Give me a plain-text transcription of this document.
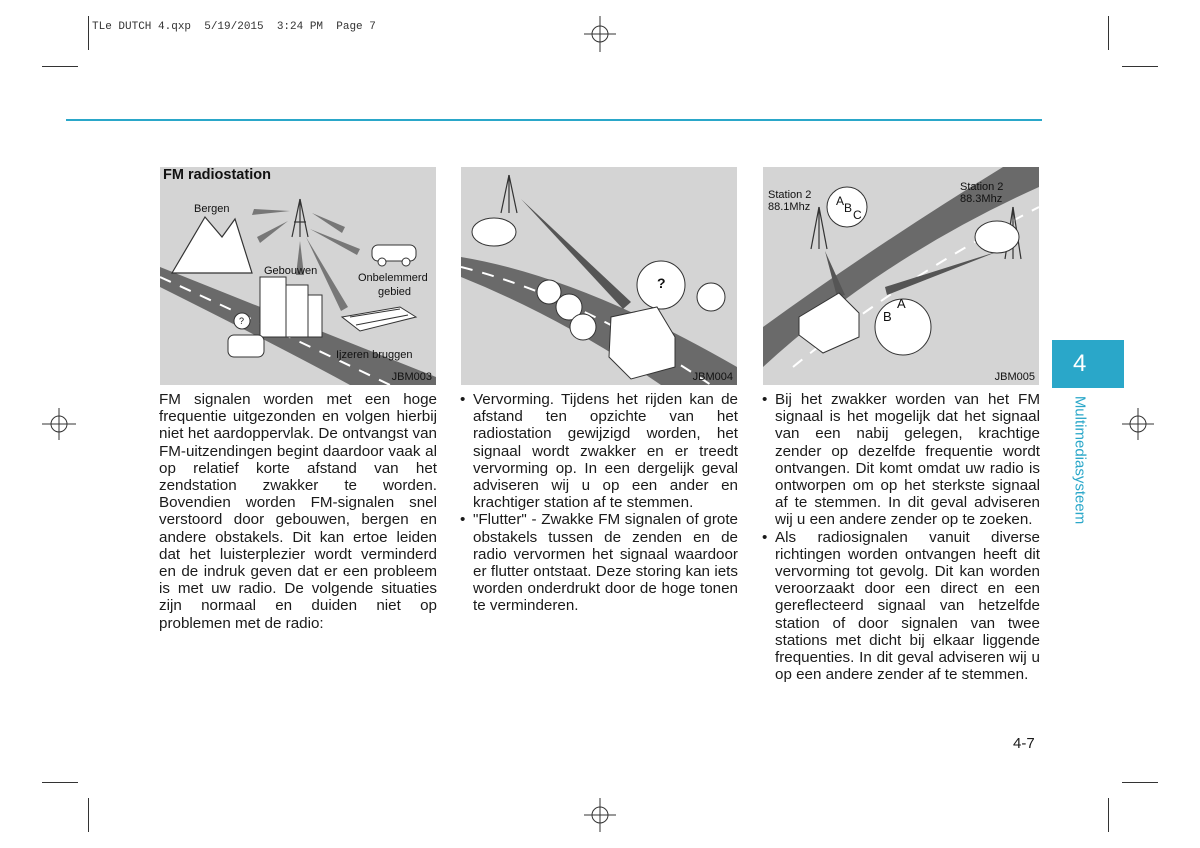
TLe DUTCH 4.qxp  5/19/2015  3:24 PM  Page 7
FM radiostation
Bergen
Gebouwen
Onbelemmerd
gebied
Ijzeren bruggen
?
JBM003
?
JBM004
Station 2
88.1Mhz
Station 2
88.3Mhz
A B C
A
B
JBM005

FM signalen worden met een hoge frequentie uitgezonden en volgen hierbij niet het aardoppervlak. De ontvangst van FM-uitzendingen begint daardoor vaak al op relatief korte afstand van het zendstation zwakker te worden. Bovendien worden FM-signalen snel verstoord door gebouwen, bergen en andere obstakels. Dit kan ertoe leiden dat het luisterplezier wordt verminderd en de indruk geven dat er een probleem is met uw radio. De volgende situaties zijn normaal en duiden niet op problemen met de radio:

• Vervorming. Tijdens het rijden kan de afstand ten opzichte van het radiostation gewijzigd worden, het signaal wordt zwakker en er treedt vervorming op. In een dergelijk geval adviseren wij u op een ander en krachtiger station af te stemmen.

• "Flutter" - Zwakke FM signalen of grote obstakels tussen de zenden en de radio vervormen het signaal waardoor er flutter ontstaat. Deze storing kan iets worden onderdrukt door de hoge tonen te verminderen.

• Bij het zwakker worden van het FM signaal is het mogelijk dat het signaal van een nabij gelegen, krachtige zender op dezelfde frequentie wordt ontvangen. Dit komt omdat uw radio is ontworpen om op het sterkste signaal af te stemmen. In dit geval adviseren wij u een andere zender op te zoeken.

• Als radiosignalen vanuit diverse richtingen worden ontvangen heeft dit vervorming tot gevolg. Dit kan worden veroorzaakt door een direct en een gereflecteerd signaal van hetzelfde station of door signalen van twee stations met dicht bij elkaar liggende frequenties. In dit geval adviseren wij u op een andere zender af te stemmen.

4
Multimediasysteem
4-7
